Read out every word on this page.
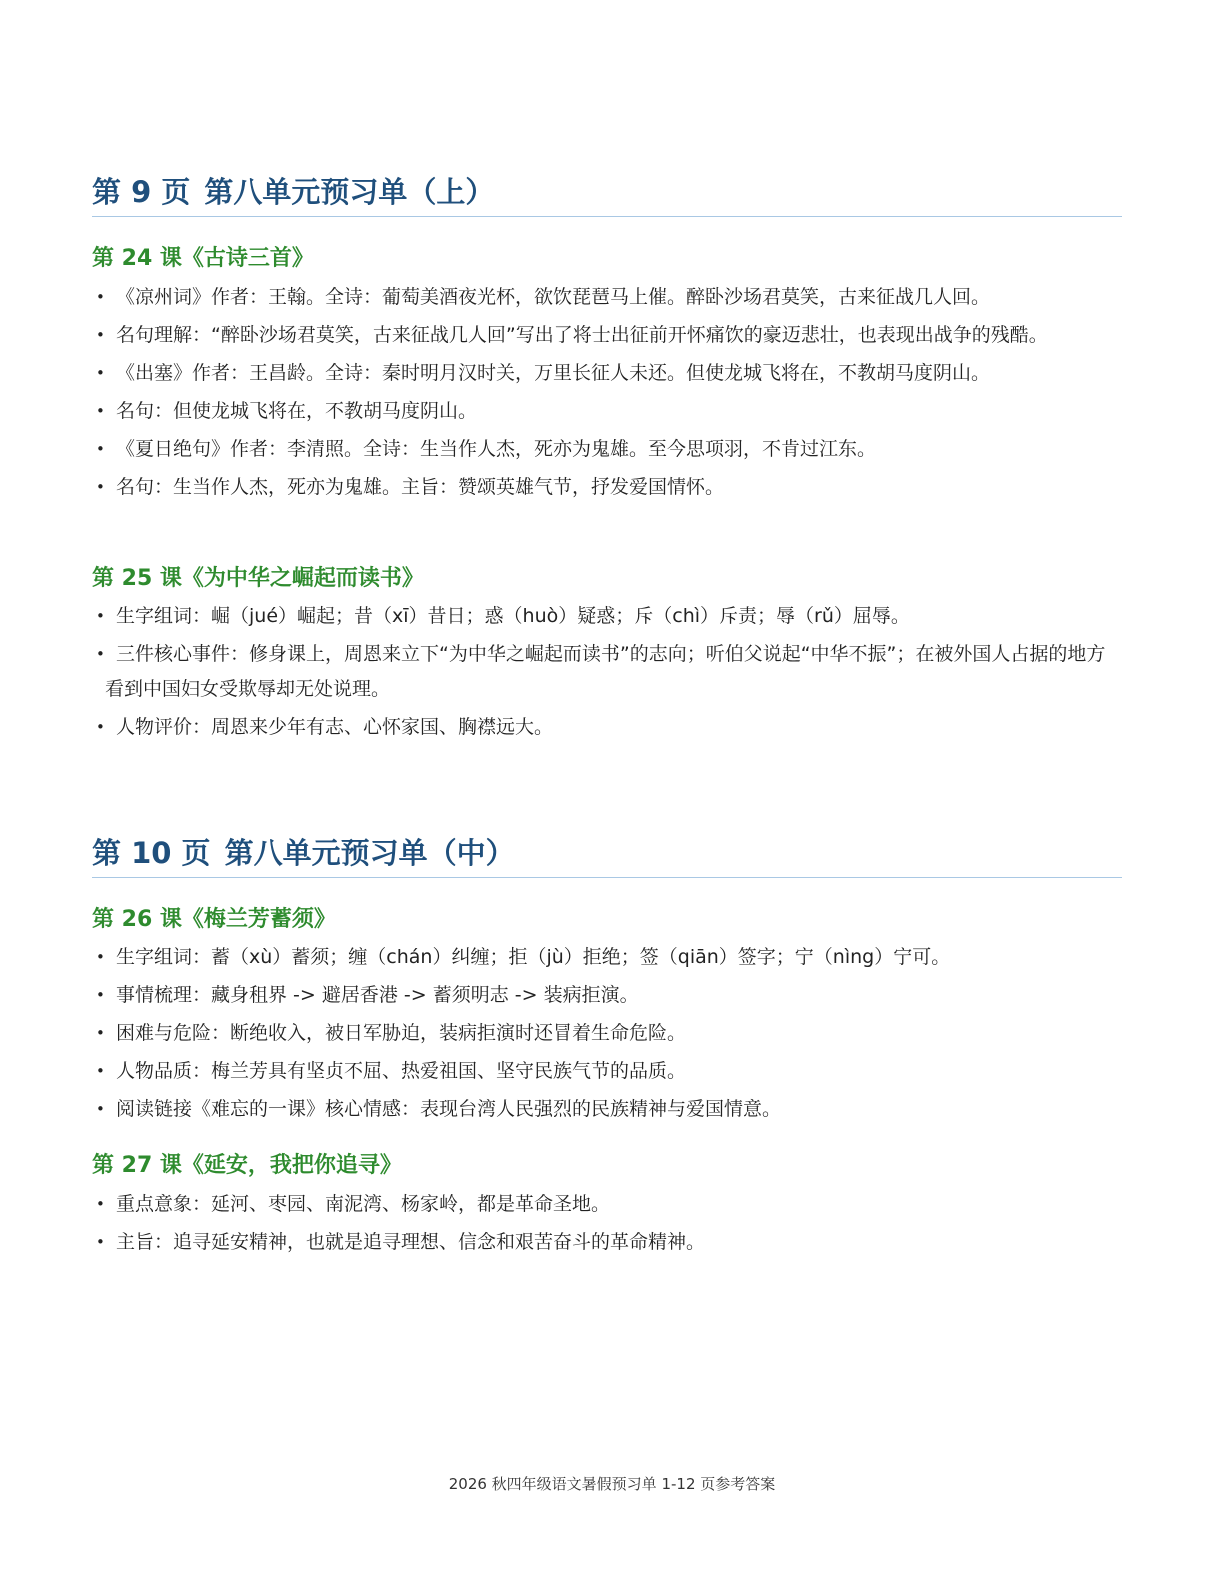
第 9 页 第八单元预习单（上）
第 24 课《古诗三首》
• 《凉州词》作者：王翰。全诗：葡萄美酒夜光杯，欲饮琵琶马上催。醉卧沙场君莫笑，古来征战几人回。
• 名句理解：“醉卧沙场君莫笑，古来征战几人回”写出了将士出征前开怀痛饮的豪迈悲壮，也表现出战争的残酷。
• 《出塞》作者：王昌龄。全诗：秦时明月汉时关，万里长征人未还。但使龙城飞将在，不教胡马度阴山。
• 名句：但使龙城飞将在，不教胡马度阴山。
• 《夏日绝句》作者：李清照。全诗：生当作人杰，死亦为鬼雄。至今思项羽，不肯过江东。
• 名句：生当作人杰，死亦为鬼雄。主旨：赞颂英雄气节，抒发爱国情怀。
第 25 课《为中华之崛起而读书》
• 生字组词：崛（jué）崛起；昔（xī）昔日；惑（huò）疑惑；斥（chì）斥责；辱（rǔ）屈辱。
• 三件核心事件：修身课上，周恩来立下“为中华之崛起而读书”的志向；听伯父说起“中华不振”；在被外国人占据的地方看到中国妇女受欺辱却无处说理。
• 人物评价：周恩来少年有志、心怀家国、胸襟远大。
第 10 页 第八单元预习单（中）
第 26 课《梅兰芳蓄须》
• 生字组词：蓄（xù）蓄须；缠（chán）纠缠；拒（jù）拒绝；签（qiān）签字；宁（nìng）宁可。
• 事情梳理：藏身租界 -> 避居香港 -> 蓄须明志 -> 装病拒演。
• 困难与危险：断绝收入，被日军胁迫，装病拒演时还冒着生命危险。
• 人物品质：梅兰芳具有坚贞不屈、热爱祖国、坚守民族气节的品质。
• 阅读链接《难忘的一课》核心情感：表现台湾人民强烈的民族精神与爱国情意。
第 27 课《延安，我把你追寻》
• 重点意象：延河、枣园、南泥湾、杨家岭，都是革命圣地。
• 主旨：追寻延安精神，也就是追寻理想、信念和艰苦奋斗的革命精神。
2026 秋四年级语文暑假预习单 1-12 页参考答案
